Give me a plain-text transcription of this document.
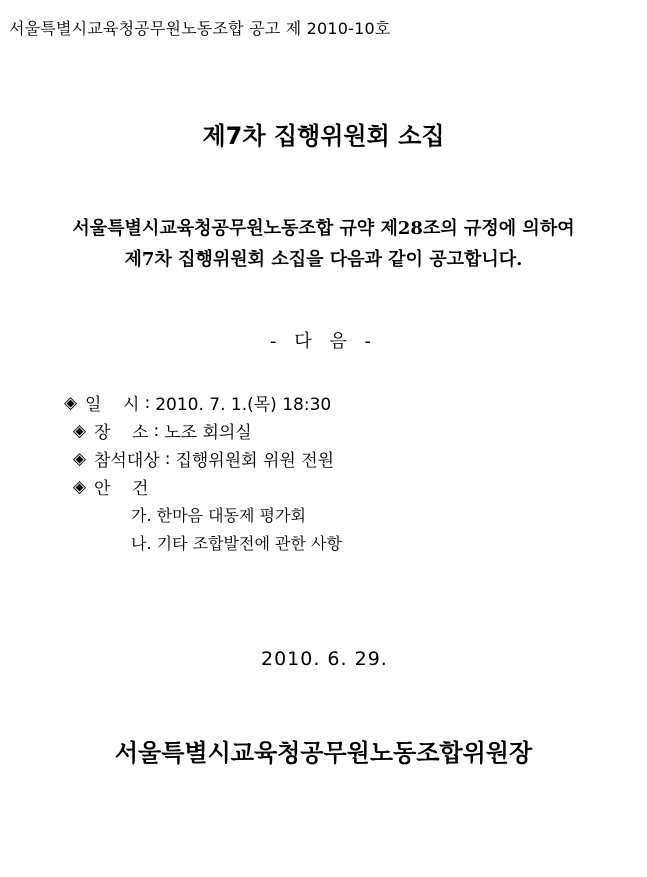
서울특별시교육청공무원노동조합 공고 제 2010-10호
제7차 집행위원회 소집
서울특별시교육청공무원노동조합 규약 제28조의 규정에 의하여
제7차 집행위원회 소집을 다음과 같이 공고합니다.
- 다 음 -
◈ 일    시 : 2010. 7. 1.(목) 18:30
◈ 장    소 : 노조 회의실
◈ 참석대상 : 집행위원회 위원 전원
◈ 안    건
가. 한마음 대동제 평가회
나. 기타 조합발전에 관한 사항
2010. 6. 29.
서울특별시교육청공무원노동조합위원장
